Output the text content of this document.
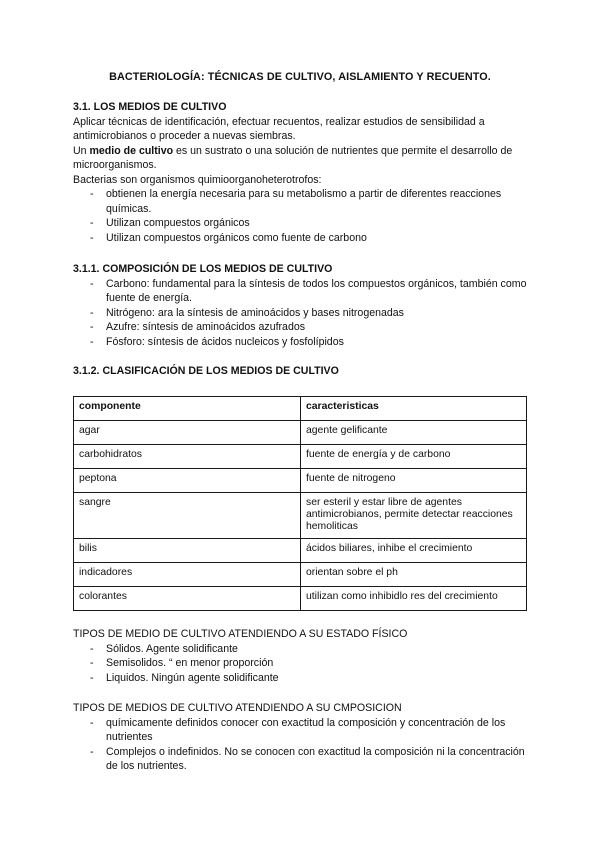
BACTERIOLOGÍA: TÉCNICAS DE CULTIVO, AISLAMIENTO Y RECUENTO.

3.1. LOS MEDIOS DE CULTIVO

Aplicar técnicas de identificación, efectuar recuentos, realizar estudios de sensibilidad a antimicrobianos o proceder a nuevas siembras.

Un medio de cultivo es un sustrato o una solución de nutrientes que permite el desarrollo de microorganismos.

Bacterias son organismos quimioorganoheterotrofos:

- obtienen la energía necesaria para su metabolismo a partir de diferentes reacciones químicas.
- Utilizan compuestos orgánicos
- Utilizan compuestos orgánicos como fuente de carbono

3.1.1. COMPOSICIÓN DE LOS MEDIOS DE CULTIVO

- Carbono: fundamental para la síntesis de todos los compuestos orgánicos, también como fuente de energía.
- Nitrógeno: ara la síntesis de aminoácidos y bases nitrogenadas
- Azufre: síntesis de aminoácidos azufrados
- Fósforo: síntesis de ácidos nucleicos y fosfolípidos

3.1.2. CLASIFICACIÓN DE LOS MEDIOS DE CULTIVO

componente	caracteristicas
agar	agente gelificante
carbohidratos	fuente de energía y de carbono
peptona	fuente de nitrogeno
sangre	ser esteril y estar libre de agentes antimicrobianos, permite detectar reacciones hemoliticas
bilis	ácidos biliares, inhibe el crecimiento
indicadores	orientan sobre el ph
colorantes	utilizan como inhibidlo res del crecimiento

TIPOS DE MEDIO DE CULTIVO ATENDIENDO A SU ESTADO FÍSICO

- Sólidos. Agente solidificante
- Semisolidos. “ en menor proporción
- Liquidos. Ningún agente solidificante

TIPOS DE MEDIOS DE CULTIVO ATENDIENDO A SU CMPOSICION

- químicamente definidos conocer con exactitud la composición y concentración de los nutrientes
- Complejos o indefinidos. No se conocen con exactitud la composición ni la concentración de los nutrientes.
